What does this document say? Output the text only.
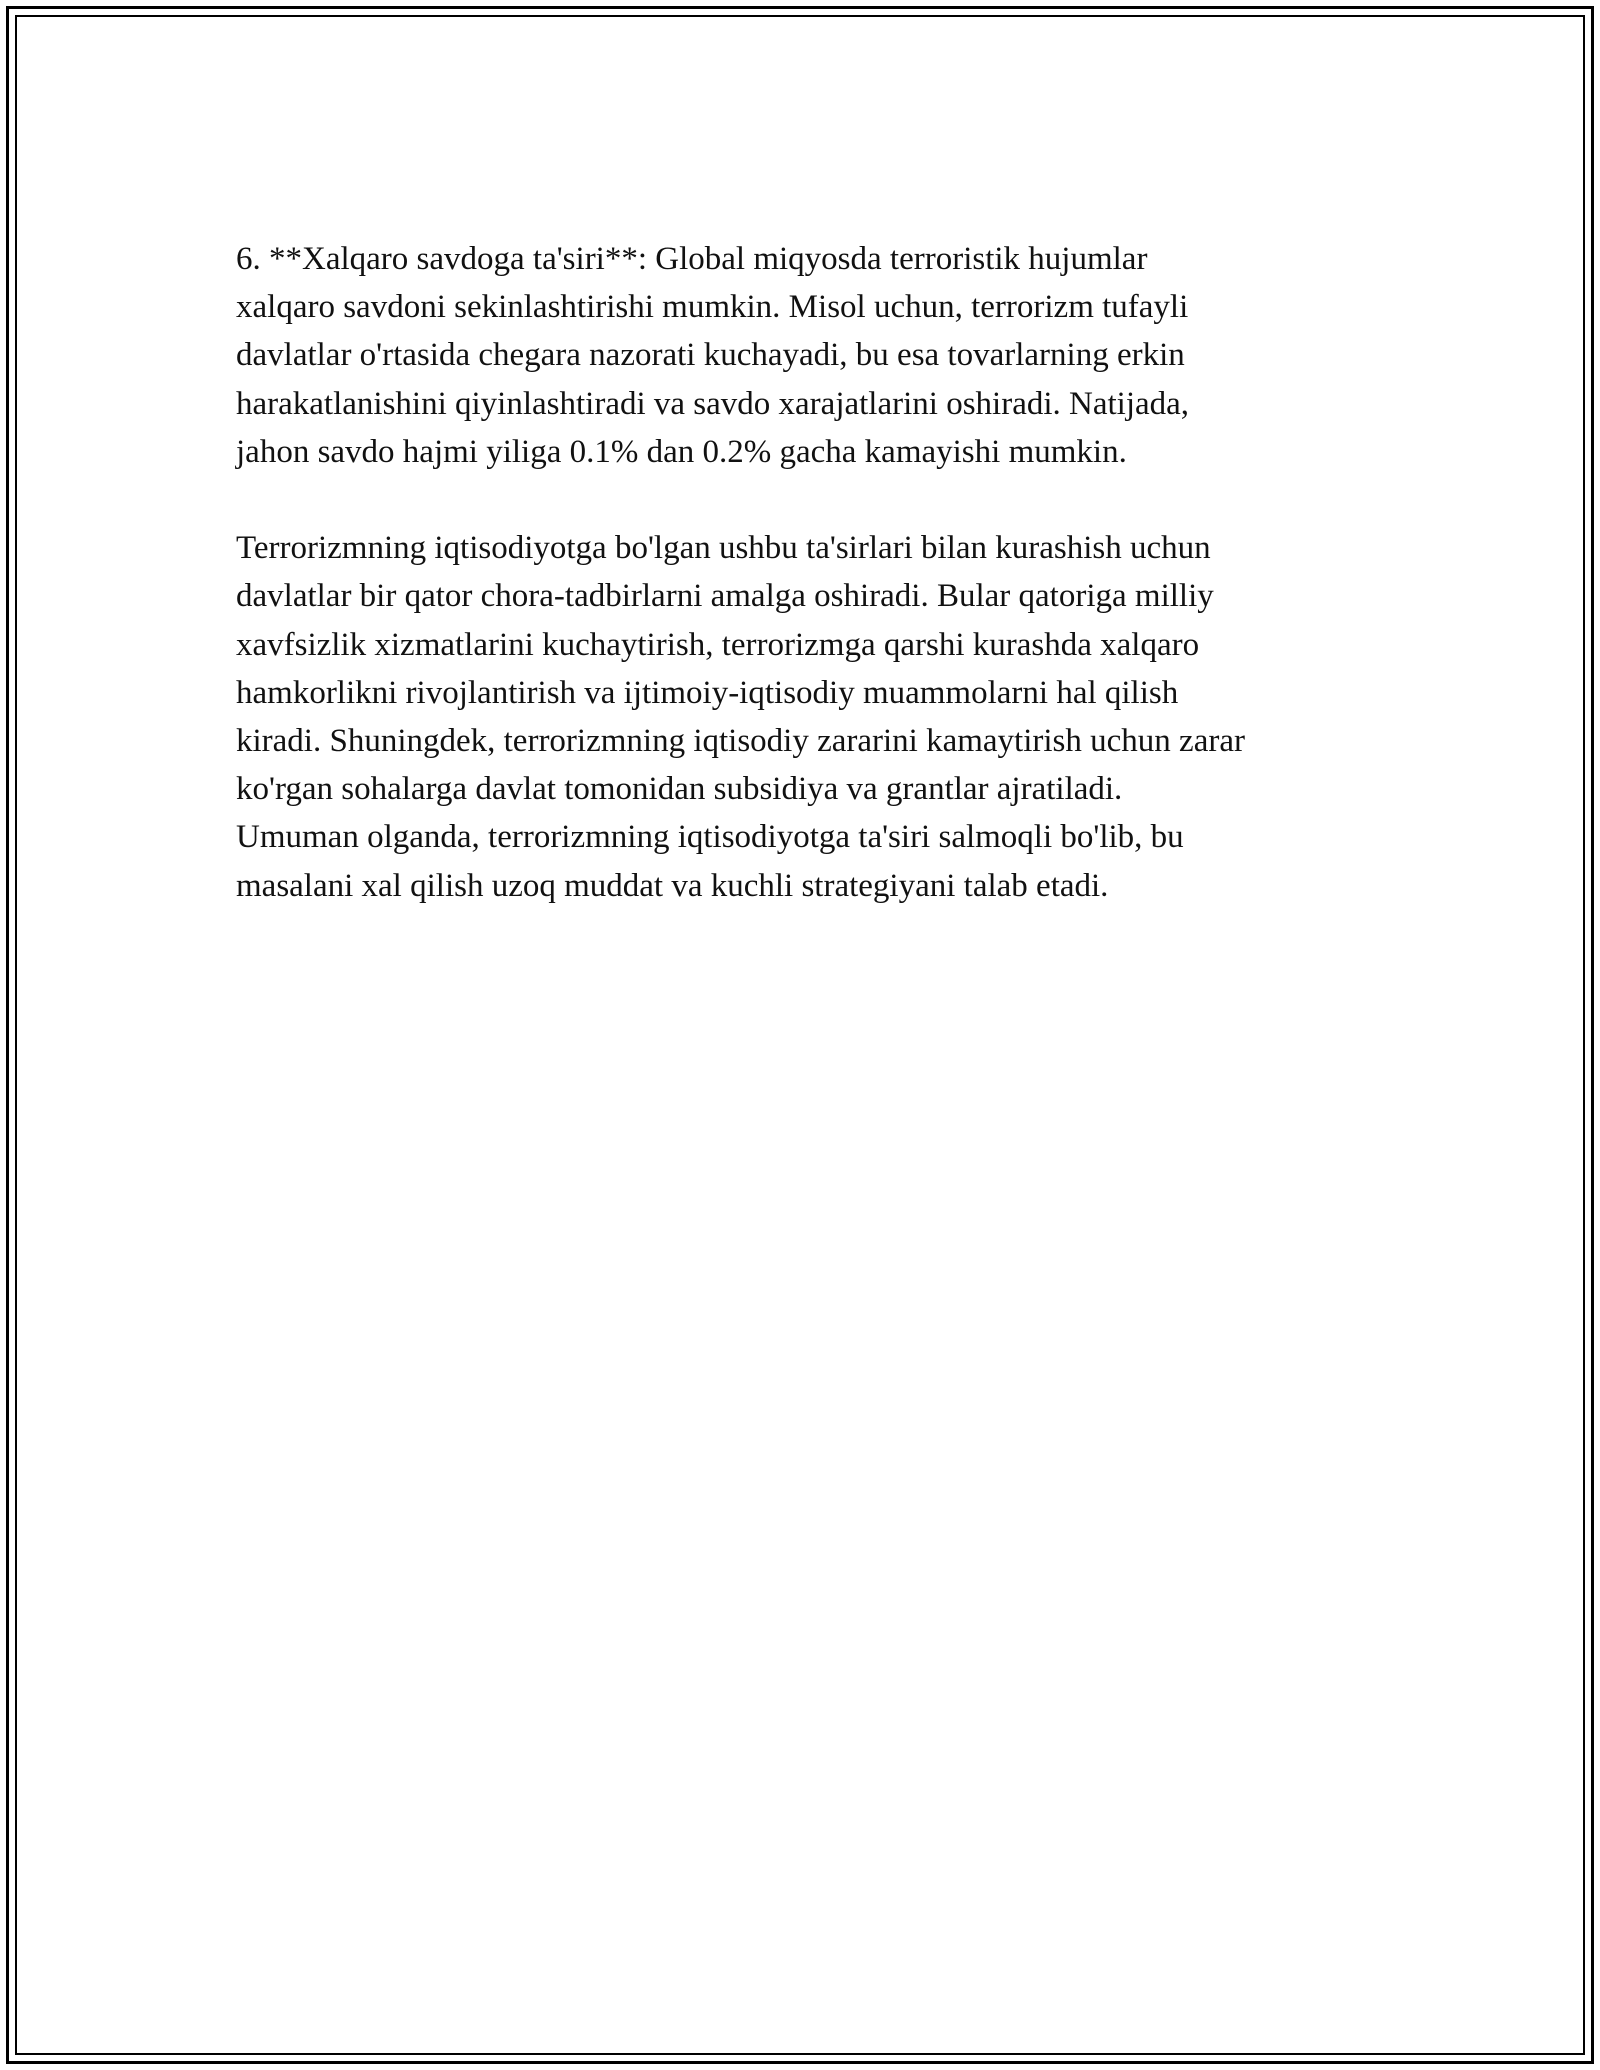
6. **Xalqaro savdoga ta'siri**: Global miqyosda terroristik hujumlar
xalqaro savdoni sekinlashtirishi mumkin. Misol uchun, terrorizm tufayli
davlatlar o'rtasida chegara nazorati kuchayadi, bu esa tovarlarning erkin
harakatlanishini qiyinlashtiradi va savdo xarajatlarini oshiradi. Natijada,
jahon savdo hajmi yiliga 0.1% dan 0.2% gacha kamayishi mumkin.

Terrorizmning iqtisodiyotga bo'lgan ushbu ta'sirlari bilan kurashish uchun
davlatlar bir qator chora-tadbirlarni amalga oshiradi. Bular qatoriga milliy
xavfsizlik xizmatlarini kuchaytirish, terrorizmga qarshi kurashda xalqaro
hamkorlikni rivojlantirish va ijtimoiy-iqtisodiy muammolarni hal qilish
kiradi. Shuningdek, terrorizmning iqtisodiy zararini kamaytirish uchun zarar
ko'rgan sohalarga davlat tomonidan subsidiya va grantlar ajratiladi.
Umuman olganda, terrorizmning iqtisodiyotga ta'siri salmoqli bo'lib, bu
masalani xal qilish uzoq muddat va kuchli strategiyani talab etadi.
